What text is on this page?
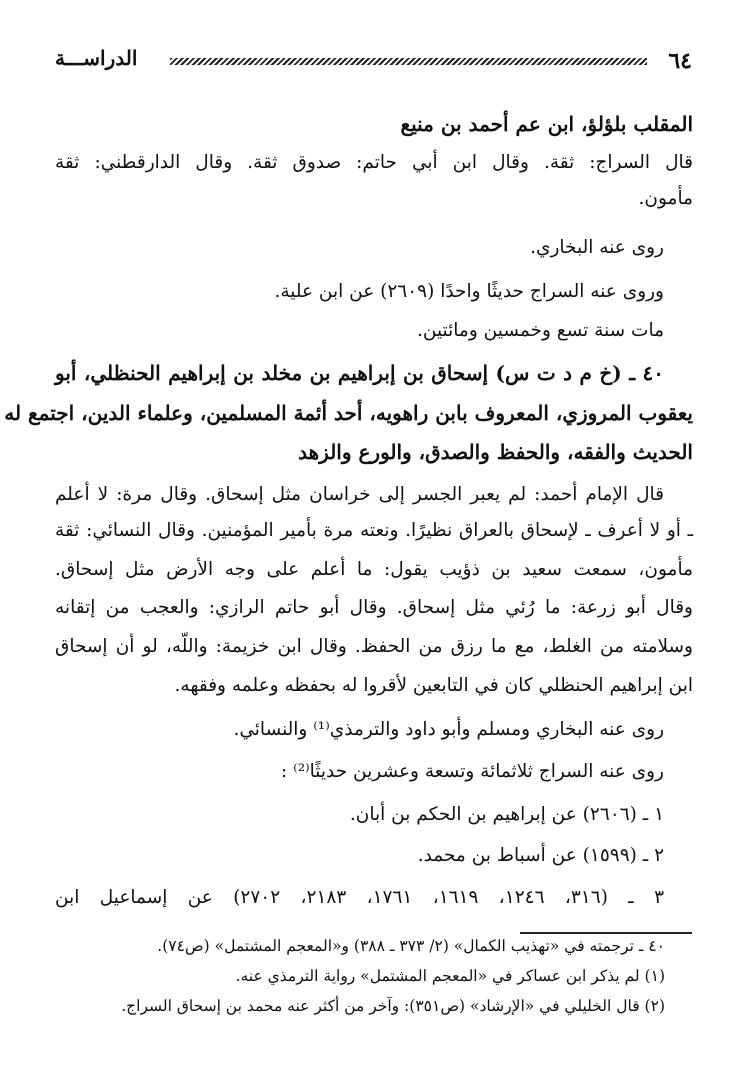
٦٤
الدراســـة
المقلب بلؤلؤ، ابن عم أحمد بن منيع
قال السراج: ثقة. وقال ابن أبي حاتم: صدوق ثقة. وقال الدارقطني: ثقة
مأمون.
روى عنه البخاري.
وروى عنه السراج حديثًا واحدًا (٢٦٠٩) عن ابن علية.
مات سنة تسع وخمسين ومائتين.
٤٠ ـ (خ م د ت س) إسحاق بن إبراهيم بن مخلد بن إبراهيم الحنظلي، أبو
يعقوب المروزي، المعروف بابن راهويه، أحد أئمة المسلمين، وعلماء الدين، اجتمع له
الحديث والفقه، والحفظ والصدق، والورع والزهد
قال الإمام أحمد: لم يعبر الجسر إلى خراسان مثل إسحاق. وقال مرة: لا أعلم
ـ أو لا أعرف ـ لإسحاق بالعراق نظيرًا. ونعته مرة بأمير المؤمنين. وقال النسائي: ثقة
مأمون، سمعت سعيد بن ذؤيب يقول: ما أعلم على وجه الأرض مثل إسحاق.
وقال أبو زرعة: ما رُئي مثل إسحاق. وقال أبو حاتم الرازي: والعجب من إتقانه
وسلامته من الغلط، مع ما رزق من الحفظ. وقال ابن خزيمة: واللّه، لو أن إسحاق
ابن إبراهيم الحنظلي كان في التابعين لأقروا له بحفظه وعلمه وفقهه.
روى عنه البخاري ومسلم وأبو داود والترمذي⁽¹⁾ والنسائي.
روى عنه السراج ثلاثمائة وتسعة وعشرين حديثًا⁽²⁾ :
١ ـ (٢٦٠٦) عن إبراهيم بن الحكم بن أبان.
٢ ـ (١٥٩٩) عن أسباط بن محمد.
٣ ـ (٣١٦، ١٢٤٦، ١٦١٩، ١٧٦١، ٢١٨٣، ٢٧٠٢) عن إسماعيل ابن
٤٠ ـ ترجمته في «تهذيب الكمال» (٢/ ٣٧٣ ـ ٣٨٨) و«المعجم المشتمل» (ص٧٤).
(١) لم يذكر ابن عساكر في «المعجم المشتمل» رواية الترمذي عنه.
(٢) قال الخليلي في «الإرشاد» (ص٣٥١): وآخر من أكثر عنه محمد بن إسحاق السراج.
